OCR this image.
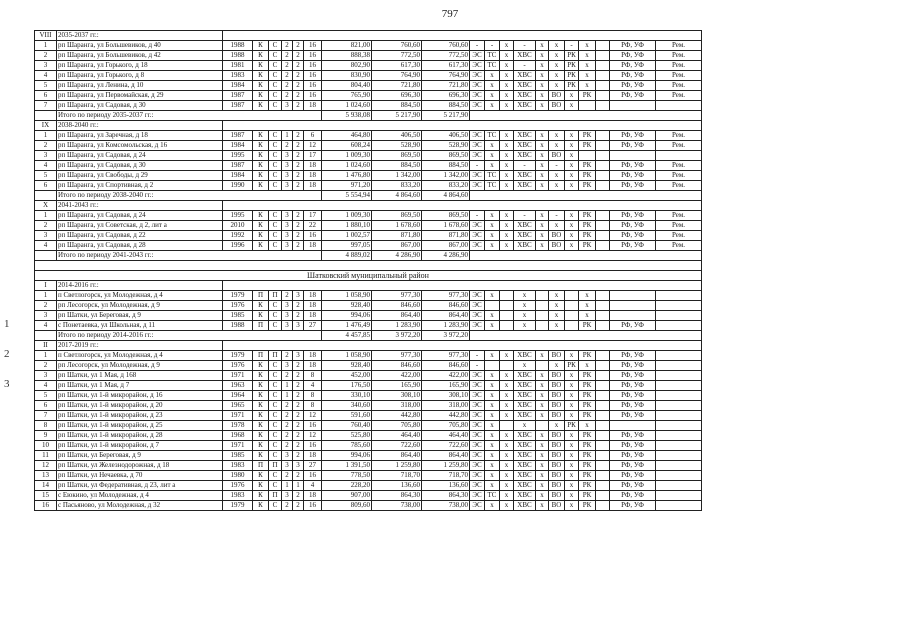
797
1
2
3
VIII	2035-2037 гг.:																				
1	рп Шаранга, ул Большевиков, д 40	1988	К	С	2	2	16	821,00	760,60	760,60	-	-	х	-	х	х	-	х		РФ, УФ	Рем.
2	рп Шаранга, ул Большевиков, д 42	1988	К	С	2	2	16	888,38	772,50	772,50	ЭС	ТС	х	ХВС	х	х	РК	х		РФ, УФ	Рем.
3	рп Шаранга, ул Горького, д 18	1981	К	С	2	2	16	802,90	617,30	617,30	ЭС	ТС	х	-	х	х	РК	х		РФ, УФ	Рем.
4	рп Шаранга, ул Горького, д 8	1983	К	С	2	2	16	830,90	764,90	764,90	ЭС	х	х	ХВС	х	х	РК	х		РФ, УФ	Рем.
5	рп Шаранга, ул Ленина, д 10	1984	К	С	2	2	16	804,40	721,80	721,80	ЭС	х	х	ХВС	х	х	РК	х		РФ, УФ	Рем.
6	рп Шаранга, ул Первомайская, д 29	1987	К	С	2	2	16	765,90	696,30	696,30	ЭС	х	х	ХВС	х	ВО	х	РК		РФ, УФ	Рем.
7	рп Шаранга, ул Садовая, д 30	1987	К	С	3	2	18	1 024,60	884,50	884,50	ЭС	х	х	ХВС	х	ВО	х				
	Итого по периоду 2035-2037 гг.:							5 938,08	5 217,90	5 217,90											
IX	2038-2040 гг.:																				
1	рп Шаранга, ул Заречная, д 18	1987	К	С	1	2	6	464,80	406,50	406,50	ЭС	ТС	х	ХВС	х	х	х	РК		РФ, УФ	Рем.
2	рп Шаранга, ул Комсомольская, д 16	1984	К	С	2	2	12	608,24	528,90	528,90	ЭС	х	х	ХВС	х	х	х	РК		РФ, УФ	Рем.
3	рп Шаранга, ул Садовая, д 24	1995	К	С	3	2	17	1 009,30	869,50	869,50	ЭС	х	х	ХВС	х	ВО	х				
4	рп Шаранга, ул Садовая, д 30	1987	К	С	3	2	18	1 024,60	884,50	884,50	-	х	х	-	х	-	х	РК		РФ, УФ	Рем.
5	рп Шаранга, ул Свободы, д 29	1984	К	С	3	2	18	1 476,80	1 342,00	1 342,00	ЭС	ТС	х	ХВС	х	х	х	РК		РФ, УФ	Рем.
6	рп Шаранга, ул Спортивная, д 2	1990	К	С	3	2	18	971,20	833,20	833,20	ЭС	ТС	х	ХВС	х	х	х	РК		РФ, УФ	Рем.
	Итого по периоду 2038-2040 гг.:							5 554,94	4 864,60	4 864,60											
X	2041-2043 гг.:																				
1	рп Шаранга, ул Садовая, д 24	1995	К	С	3	2	17	1 009,30	869,50	869,50	-	х	х	-	х	-	х	РК		РФ, УФ	Рем.
2	рп Шаранга, ул Советская, д 2, лит а	2010	К	С	3	2	22	1 880,10	1 678,60	1 678,60	ЭС	х	х	ХВС	х	х	х	РК		РФ, УФ	Рем.
3	рп Шаранга, ул Садовая, д 22	1992	К	С	3	2	16	1 002,57	871,80	871,80	ЭС	х	х	ХВС	х	ВО	х	РК		РФ, УФ	Рем.
4	рп Шаранга, ул Садовая, д 28	1996	К	С	3	2	18	997,05	867,00	867,00	ЭС	х	х	ХВС	х	ВО	х	РК		РФ, УФ	Рем.
	Итого по периоду 2041-2043 гг.:							4 889,02	4 286,90	4 286,90											

Шатковский муниципальный район																					
I	2014-2016 гг.:																				
1	п Светлогорск, ул Молодежная, д 4	1979	П	П	2	3	18	1 058,90	977,30	977,30	ЭС	х		х		х		х			
2	рп Лесогорск, ул Молодежная, д 9	1976	К	С	3	2	18	928,40	846,60	846,60	ЭС			х		х		х			
3	рп Шатки, ул Береговая, д 9	1985	К	С	3	2	18	994,06	864,40	864,40	ЭС	х		х		х		х			
4	с Понетаевка, ул Школьная, д 11	1988	П	С	3	3	27	1 476,49	1 283,90	1 283,90	ЭС	х		х		х		РК		РФ, УФ	
	Итого по периоду 2014-2016 гг.:							4 457,85	3 972,20	3 972,20											
II	2017-2019 гг.:																				
1	п Светлогорск, ул Молодежная, д 4	1979	П	П	2	3	18	1 058,90	977,30	977,30	-	х	х	ХВС	х	ВО	х	РК		РФ, УФ	
2	рп Лесогорск, ул Молодежная, д 9	1976	К	С	3	2	18	928,40	846,60	846,60	-			х		х	РК	х		РФ, УФ	
3	рп Шатки, ул 1 Мая, д 168	1971	К	С	2	2	8	452,00	422,00	422,00	ЭС	х	х	ХВС	х	ВО	х	РК		РФ, УФ	
4	рп Шатки, ул 1 Мая, д 7	1963	К	С	1	2	4	176,50	165,90	165,90	ЭС	х	х	ХВС	х	ВО	х	РК		РФ, УФ	
5	рп Шатки, ул 1-й микрорайон, д 16	1964	К	С	1	2	8	330,10	308,10	308,10	ЭС	х	х	ХВС	х	ВО	х	РК		РФ, УФ	
6	рп Шатки, ул 1-й микрорайон, д 20	1965	К	С	2	2	8	340,60	318,00	318,00	ЭС	х	х	ХВС	х	ВО	х	РК		РФ, УФ	
7	рп Шатки, ул 1-й микрорайон, д 23	1971	К	С	2	2	12	591,60	442,80	442,80	ЭС	х	х	ХВС	х	ВО	х	РК		РФ, УФ	
8	рп Шатки, ул 1-й микрорайон, д 25	1978	К	С	2	2	16	760,40	705,80	705,80	ЭС	х		х		х	РК	х			
9	рп Шатки, ул 1-й микрорайон, д 28	1968	К	С	2	2	12	525,80	464,40	464,40	ЭС	х	х	ХВС	х	ВО	х	РК		РФ, УФ	
10	рп Шатки, ул 1-й микрорайон, д 7	1971	К	С	2	2	16	785,60	722,60	722,60	ЭС	х	х	ХВС	х	ВО	х	РК		РФ, УФ	
11	рп Шатки, ул Береговая, д 9	1985	К	С	3	2	18	994,06	864,40	864,40	ЭС	х	х	ХВС	х	ВО	х	РК		РФ, УФ	
12	рп Шатки, ул Железнодорожная, д 18	1983	П	П	3	3	27	1 391,50	1 259,80	1 259,80	ЭС	х	х	ХВС	х	ВО	х	РК		РФ, УФ	
13	рп Шатки, ул Нечаевка, д 70	1980	К	С	2	2	16	778,50	718,70	718,70	ЭС	х	х	ХВС	х	ВО	х	РК		РФ, УФ	
14	рп Шатки, ул Федеративная, д 23, лит а	1976	К	С	1	1	4	228,20	136,60	136,60	ЭС	х	х	ХВС	х	ВО	х	РК		РФ, УФ	
15	с Еюкино, ул Молодежная, д 4	1983	К	П	3	2	18	907,00	864,30	864,30	ЭС	ТС	х	ХВС	х	ВО	х	РК		РФ, УФ	
16	с Пасьяново, ул Молодежная, д 32	1979	К	С	2	2	16	809,60	738,00	738,00	ЭС	х	х	ХВС	х	ВО	х	РК		РФ, УФ	
